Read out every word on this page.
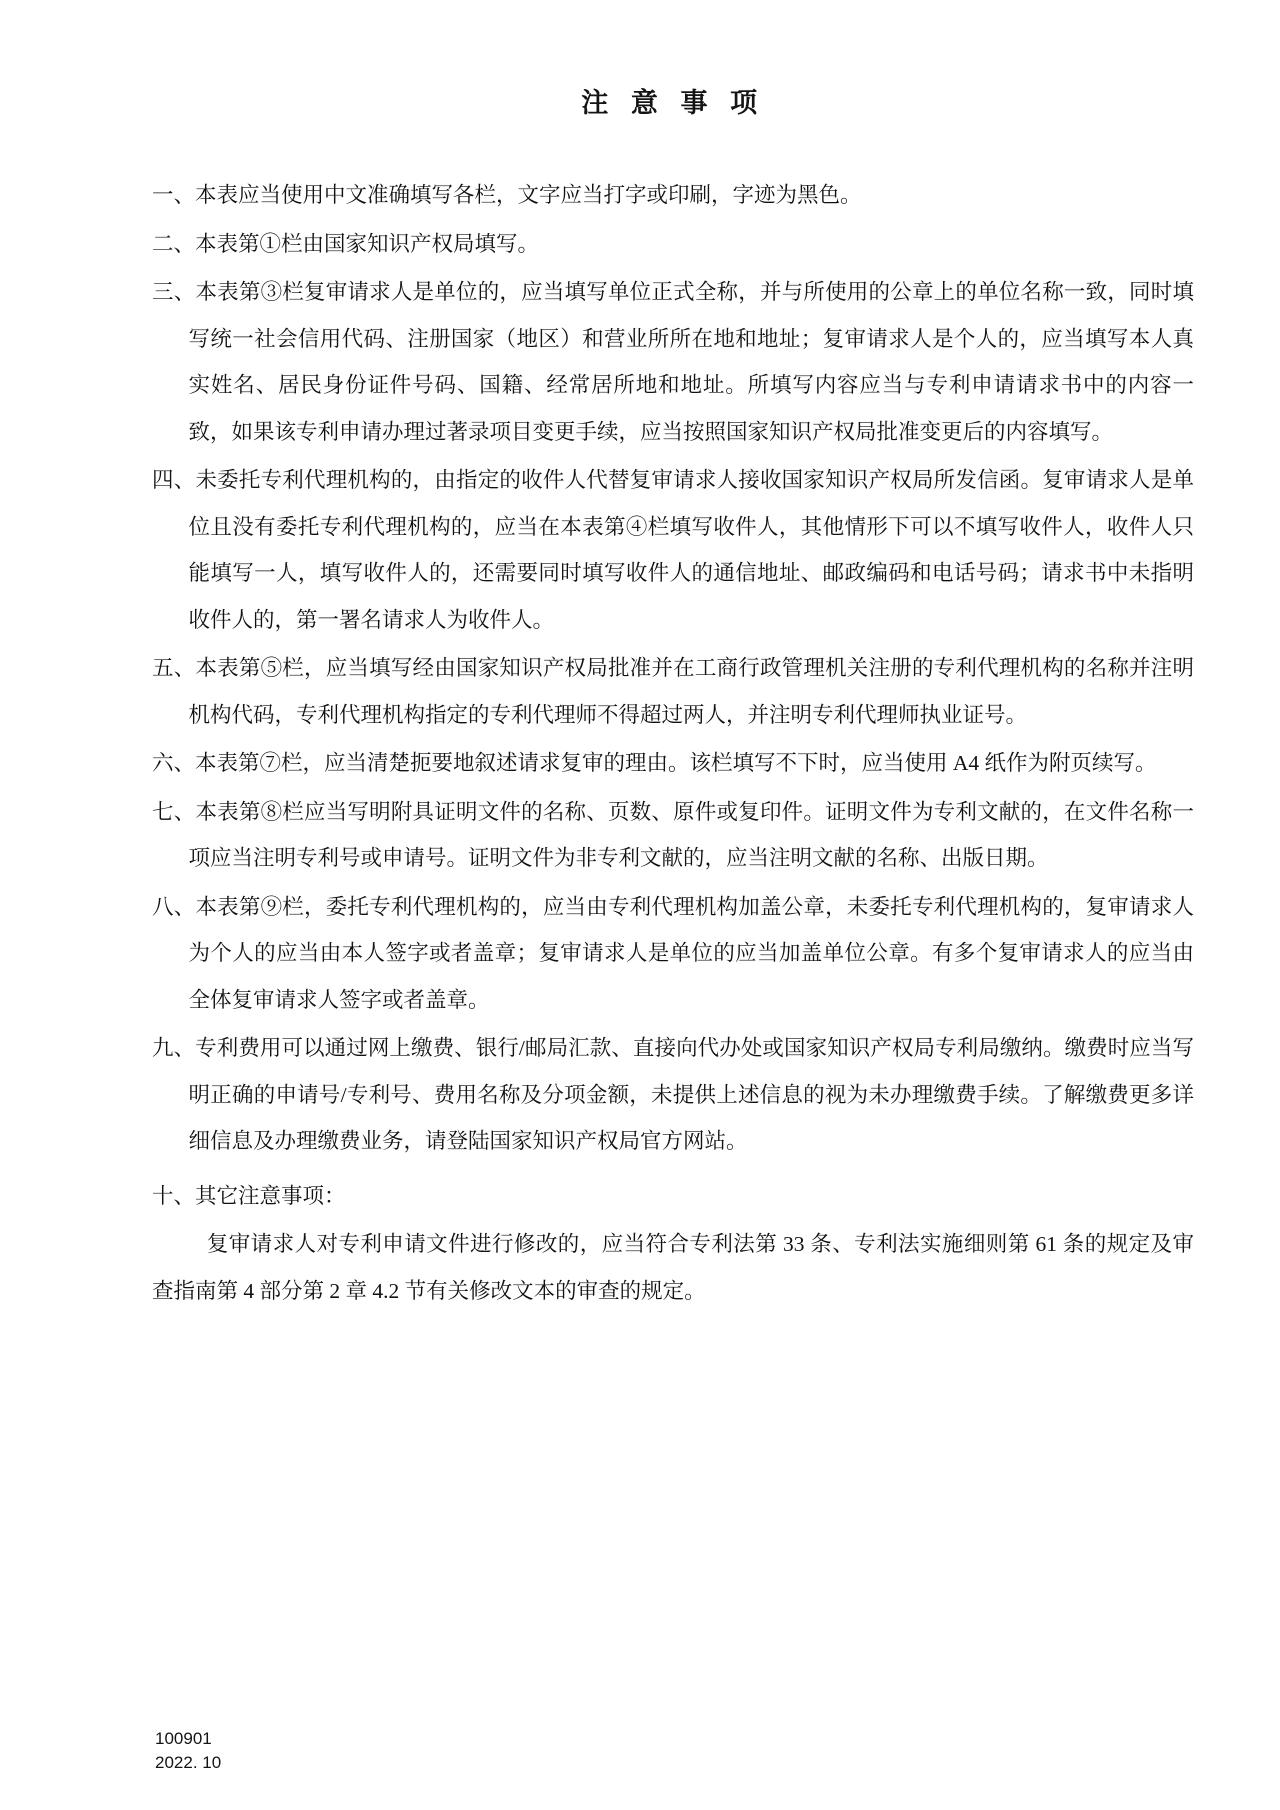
注 意 事 项

一、本表应当使用中文准确填写各栏，文字应当打字或印刷，字迹为黑色。

二、本表第①栏由国家知识产权局填写。

三、本表第③栏复审请求人是单位的，应当填写单位正式全称，并与所使用的公章上的单位名称一致，同时填写统一社会信用代码、注册国家（地区）和营业所所在地和地址；复审请求人是个人的，应当填写本人真实姓名、居民身份证件号码、国籍、经常居所地和地址。所填写内容应当与专利申请请求书中的内容一致，如果该专利申请办理过著录项目变更手续，应当按照国家知识产权局批准变更后的内容填写。

四、未委托专利代理机构的，由指定的收件人代替复审请求人接收国家知识产权局所发信函。复审请求人是单位且没有委托专利代理机构的，应当在本表第④栏填写收件人，其他情形下可以不填写收件人，收件人只能填写一人，填写收件人的，还需要同时填写收件人的通信地址、邮政编码和电话号码；请求书中未指明收件人的，第一署名请求人为收件人。

五、本表第⑤栏，应当填写经由国家知识产权局批准并在工商行政管理机关注册的专利代理机构的名称并注明机构代码，专利代理机构指定的专利代理师不得超过两人，并注明专利代理师执业证号。

六、本表第⑦栏，应当清楚扼要地叙述请求复审的理由。该栏填写不下时，应当使用 A4 纸作为附页续写。

七、本表第⑧栏应当写明附具证明文件的名称、页数、原件或复印件。证明文件为专利文献的，在文件名称一项应当注明专利号或申请号。证明文件为非专利文献的，应当注明文献的名称、出版日期。

八、本表第⑨栏，委托专利代理机构的，应当由专利代理机构加盖公章，未委托专利代理机构的，复审请求人为个人的应当由本人签字或者盖章；复审请求人是单位的应当加盖单位公章。有多个复审请求人的应当由全体复审请求人签字或者盖章。

九、专利费用可以通过网上缴费、银行/邮局汇款、直接向代办处或国家知识产权局专利局缴纳。缴费时应当写明正确的申请号/专利号、费用名称及分项金额，未提供上述信息的视为未办理缴费手续。了解缴费更多详细信息及办理缴费业务，请登陆国家知识产权局官方网站。

十、其它注意事项：

复审请求人对专利申请文件进行修改的，应当符合专利法第 33 条、专利法实施细则第 61 条的规定及审查指南第 4 部分第 2 章 4.2 节有关修改文本的审查的规定。

100901
2022. 10
